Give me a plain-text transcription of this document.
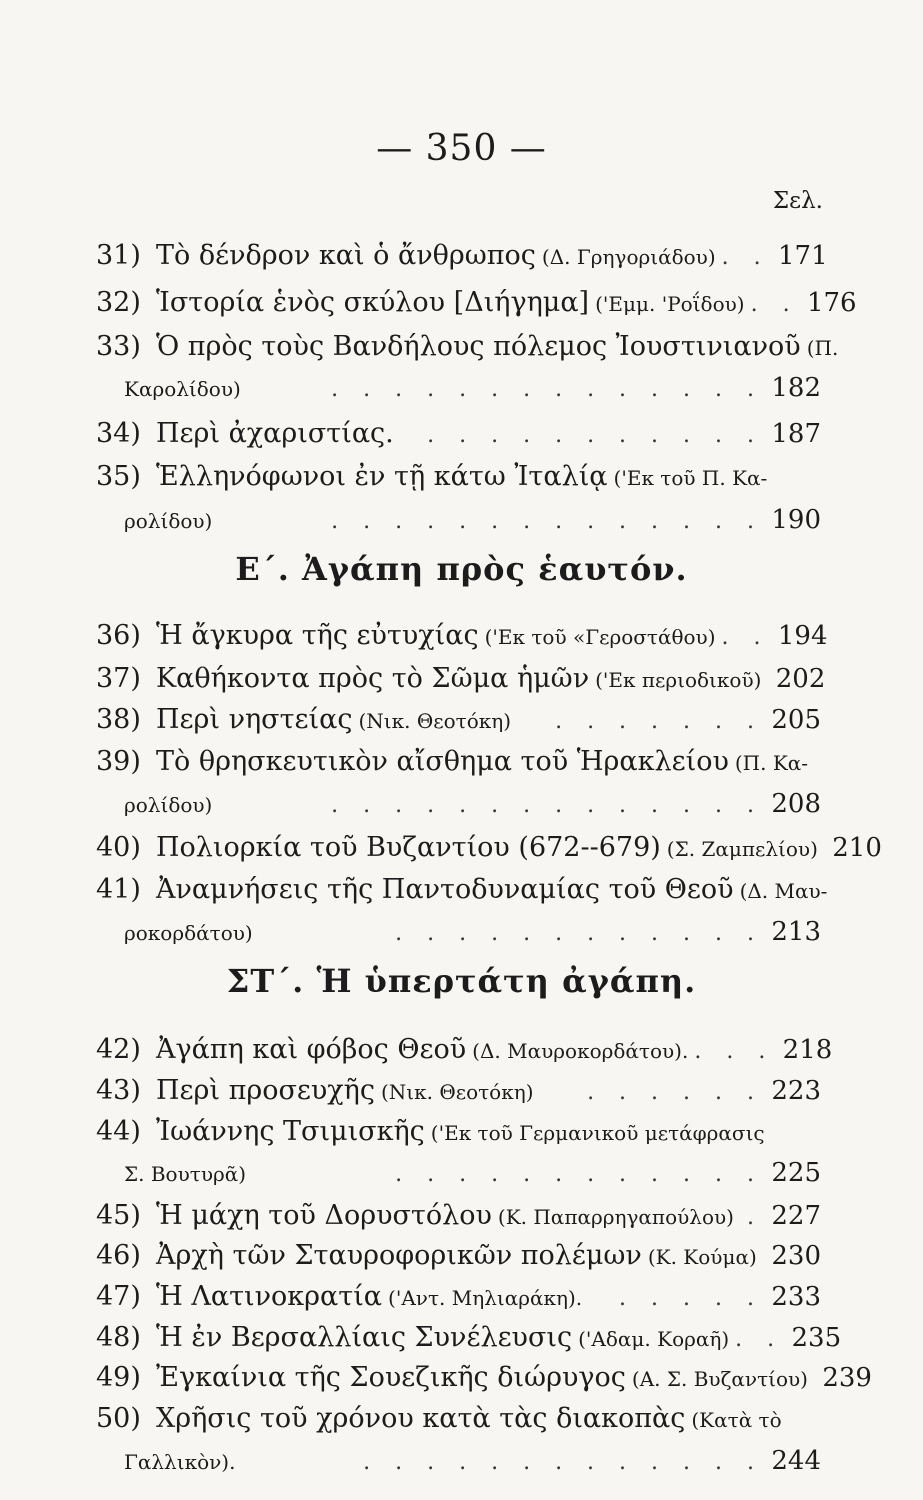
— 350 —
Σελ.
31) Τὸ δένδρον καὶ ὁ ἄνθρωπος (Δ. Γρηγοριάδου) . . 171
32) Ἱστορία ἑνὸς σκύλου [Διήγημα] ('Εμμ. 'Ροΐδου) . . 176
33) Ὁ πρὸς τοὺς Βανδήλους πόλεμος Ἰουστινιανοῦ (Π.
Καρολίδου)	. . . . . . . . . . . . . . 182
34) Περὶ ἀχαριστίας.	. . . . . . . . . . . 187
35) Ἑλληνόφωνοι ἐν τῇ κάτω Ἰταλίᾳ ('Εκ τοῦ Π. Κα-
ρολίδου)	. . . . . . . . . . . . . . 190
Ε΄. Ἀγάπη πρὸς ἑαυτόν.
36) Ἡ ἄγκυρα τῆς εὐτυχίας ('Εκ τοῦ «Γεροστάθου) . . 194
37) Καθήκοντα πρὸς τὸ Σῶμα ἡμῶν ('Εκ περιοδικοῦ) 202
38) Περὶ νηστείας (Νικ. Θεοτόκη)	. . . . . . . 205
39) Τὸ θρησκευτικὸν αἴσθημα τοῦ Ἡρακλείου (Π. Κα-
ρολίδου)	. . . . . . . . . . . . . . 208
40) Πολιορκία τοῦ Βυζαντίου (672--679) (Σ. Ζαμπελίου) 210
41) Ἀναμνήσεις τῆς Παντοδυναμίας τοῦ Θεοῦ (Δ. Μαυ-
ροκορδάτου)	. . . . . . . . . . . . 213
ΣΤ΄. Ἡ ὑπερτάτη ἀγάπη.
42) Ἀγάπη καὶ φόβος Θεοῦ (Δ. Μαυροκορδάτου). . . . 218
43) Περὶ προσευχῆς (Νικ. Θεοτόκη)	. . . . . . 223
44) Ἰωάννης Τσιμισκῆς ('Εκ τοῦ Γερμανικοῦ μετάφρασις
Σ. Βουτυρᾶ)	. . . . . . . . . . . . 225
45) Ἡ μάχη τοῦ Δορυστόλου (Κ. Παπαρρηγαπούλου) . 227
46) Ἀρχὴ τῶν Σταυροφορικῶν πολέμων (Κ. Κούμα) 230
47) Ἡ Λατινοκρατία ('Αντ. Μηλιαράκη).	. . . . . 233
48) Ἡ ἐν Βερσαλλίαις Συνέλευσις ('Αδαμ. Κοραῆ) . . 235
49) Ἐγκαίνια τῆς Σουεζικῆς διώρυγος (Α. Σ. Βυζαντίου) 239
50) Χρῆσις τοῦ χρόνου κατὰ τὰς διακοπὰς (Κατὰ τὸ
Γαλλικὸν).	. . . . . . . . . . . . . 244
